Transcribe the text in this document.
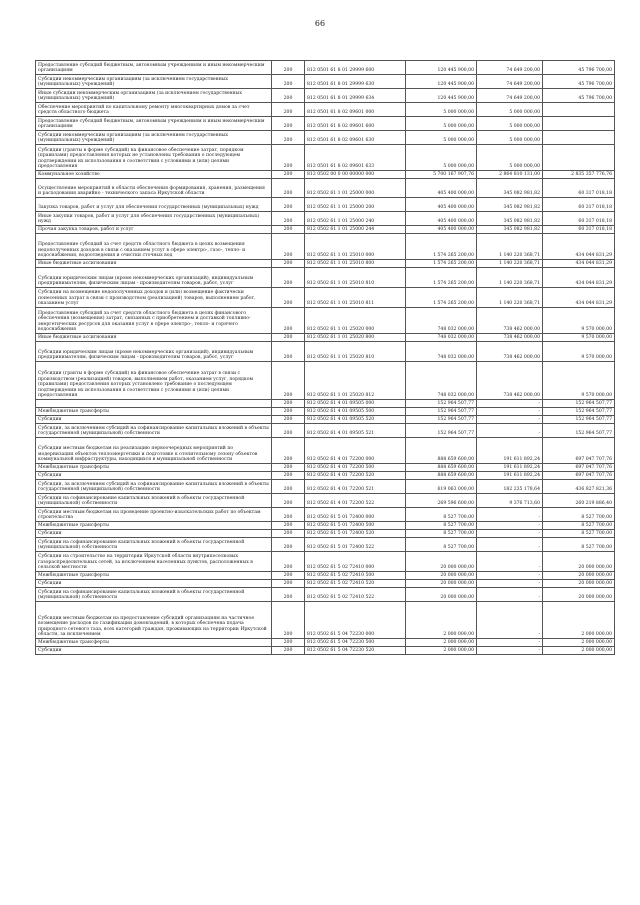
66
Предоставление субсидий бюджетным, автономным учреждениям и иным некоммерческим организациям	200	812 0501 61 8 01 29999 600	120 445 900,00	74 649 200,00	45 796 700,00
Субсидии некоммерческим организациям (за исключением государственных (муниципальных) учреждений)	200	812 0501 61 8 01 29999 630	120 445 900,00	74 649 200,00	45 796 700,00
Иные субсидии некоммерческим организациям (за исключением государственных (муниципальных) учреждений)	200	812 0501 61 8 01 29999 634	120 445 900,00	74 649 200,00	45 796 700,00
Обеспечение мероприятий по капитальному ремонту многоквартирных домов за счет средств областного бюджета	200	812 0501 61 8 02 09601 000	5 000 000,00	5 000 000,00	
Предоставление субсидий бюджетным, автономным учреждениям и иным некоммерческим организациям	200	812 0501 61 8 02 09601 600	5 000 000,00	5 000 000,00	
Субсидии некоммерческим организациям (за исключением государственных (муниципальных) учреждений)	200	812 0501 61 8 02 09601 630	5 000 000,00	5 000 000,00	
Субсидии (гранты в форме субсидий) на финансовое обеспечение затрат, порядком (правилами) предоставления которых не установлены требования о последующем подтверждении их использования в соответствии с условиями и (или) целями предоставления	200	812 0501 61 8 02 09601 633	5 000 000,00	5 000 000,00	
Коммунальное хозяйство	200	812 0502 00 0 00 00000 000	5 700 167 907,76	2 864 810 131,00	2 835 357 776,76
Осуществление мероприятий в области обеспечения формирования, хранения, размещения и расходования аварийно - технического запаса Иркутской области	200	812 0502 61 1 01 25000 000	405 400 000,00	345 082 981,82	60 317 018,18
Закупка товаров, работ и услуг для обеспечения государственных (муниципальных) нужд	200	812 0502 61 1 01 25000 200	405 400 000,00	345 082 981,82	60 317 018,18
Иные закупки товаров, работ и услуг для обеспечения государственных (муниципальных) нужд	200	812 0502 61 1 01 25000 240	405 400 000,00	345 082 981,82	60 317 018,18
Прочая закупка товаров, работ и услуг	200	812 0502 61 1 01 25000 244	405 400 000,00	345 082 981,82	60 317 018,18
Предоставление субсидий за счет средств областного бюджета в целях возмещения недополученных доходов в связи с оказанием услуг в сфере электро-, газо-, тепло- и водоснабжения, водоотведения и очистки сточных вод	200	812 0502 61 1 01 25010 000	1 574 265 200,00	1 140 220 368,71	434 044 831,29
Иные бюджетные ассигнования	200	812 0502 61 1 01 25010 800	1 574 265 200,00	1 140 220 368,71	434 044 831,29
Субсидии юридическим лицам (кроме некоммерческих организаций), индивидуальным предпринимателям, физическим лицам - производителям товаров, работ, услуг	200	812 0502 61 1 01 25010 810	1 574 265 200,00	1 140 220 368,71	434 044 831,29
Субсидии на возмещение недополученных доходов и (или) возмещение фактически понесенных затрат в связи с производством (реализацией) товаров, выполнением работ, оказанием услуг	200	812 0502 61 1 01 25010 811	1 574 265 200,00	1 140 220 368,71	434 044 831,29
Предоставление субсидий за счет средств областного бюджета в целях финансового обеспечения (возмещения) затрат, связанных с приобретением и доставкой топливно-энергетических ресурсов для оказания услуг в сфере электро-, тепло- и горячего водоснабжения	200	812 0502 61 1 01 25020 000	748 032 000,00	738 462 000,00	9 570 000,00
Иные бюджетные ассигнования	200	812 0502 61 1 01 25020 800	748 032 000,00	738 462 000,00	9 570 000,00
Субсидии юридическим лицам (кроме некоммерческих организаций), индивидуальным предпринимателям, физическим лицам - производителям товаров, работ, услуг	200	812 0502 61 1 01 25020 810	748 032 000,00	738 462 000,00	9 570 000,00
Субсидии (гранты в форме субсидий) на финансовое обеспечение затрат в связи с производством (реализацией) товаров, выполнением работ, оказанием услуг, порядком (правилами) предоставления которых установлено требование о последующем подтверждении их использования в соответствии с условиями и (или) целями предоставления	200	812 0502 61 1 01 25020 812	748 032 000,00	738 462 000,00	9 570 000,00
	200	812 0502 61 4 01 09505 000	152 964 507,77	-	152 964 507,77
Межбюджетные трансферты	200	812 0502 61 4 01 09505 500	152 964 507,77	-	152 964 507,77
Субсидии	200	812 0502 61 4 01 09505 520	152 964 507,77	-	152 964 507,77
Субсидии, за исключением субсидий на софинансирование капитальных вложений в объекты государственной (муниципальной) собственности	200	812 0502 61 4 01 09505 521	152 964 507,77	-	152 964 507,77
Субсидии местным бюджетам на реализацию первоочередных мероприятий по модернизации объектов теплоэнергетики и подготовке к отопительному сезону объектов коммунальной инфраструктуры, находящихся в муниципальной собственности	200	812 0502 61 4 01 72200 000	888 659 600,00	191 611 892,24	697 047 707,76
Межбюджетные трансферты	200	812 0502 61 4 01 72200 500	888 659 600,00	191 611 892,24	697 047 707,76
Субсидии	200	812 0502 61 4 01 72200 520	888 659 600,00	191 611 892,24	697 047 707,76
Субсидии, за исключением субсидий на софинансирование капитальных вложений в объекты государственной (муниципальной) собственности	200	812 0502 61 4 01 72200 521	619 063 000,00	182 235 178,64	436 827 821,36
Субсидии на софинансирование капитальных вложений в объекты государственной (муниципальной) собственности	200	812 0502 61 4 01 72200 522	269 596 600,00	9 376 713,60	260 219 886,40
Субсидии местным бюджетам на проведение проектно-изыскательских работ по объектам строительства	200	812 0502 61 5 01 72400 000	8 527 700,00	-	8 527 700,00
Межбюджетные трансферты	200	812 0502 61 5 01 72400 500	8 527 700,00	-	8 527 700,00
Субсидии	200	812 0502 61 5 01 72400 520	8 527 700,00	-	8 527 700,00
Субсидии на софинансирование капитальных вложений в объекты государственной (муниципальной) собственности	200	812 0502 61 5 01 72400 522	8 527 700,00	-	8 527 700,00
Субсидии на строительство на территории Иркутской области внутрипоселковых газораспределительных сетей, за исключением населенных пунктов, расположенных в сельской местности	200	812 0502 61 5 02 72410 000	20 000 000,00	-	20 000 000,00
Межбюджетные трансферты	200	812 0502 61 5 02 72410 500	20 000 000,00	-	20 000 000,00
Субсидии	200	812 0502 61 5 02 72410 520	20 000 000,00	-	20 000 000,00
Субсидии на софинансирование капитальных вложений в объекты государственной (муниципальной) собственности	200	812 0502 61 5 02 72410 522	20 000 000,00	-	20 000 000,00
Субсидии местным бюджетам на предоставление субсидий организациям на частичное возмещение расходов по газификации домовладений, в которых обеспечена подача природного сетевого газа, всех категорий граждан, проживающих на территории Иркутской области, за исключением	200	812 0502 61 5 04 72230 000	2 000 000,00	-	2 000 000,00
Межбюджетные трансферты	200	812 0502 61 5 04 72230 500	2 000 000,00	-	2 000 000,00
Субсидии	200	812 0502 61 5 04 72230 520	2 000 000,00	-	2 000 000,00
